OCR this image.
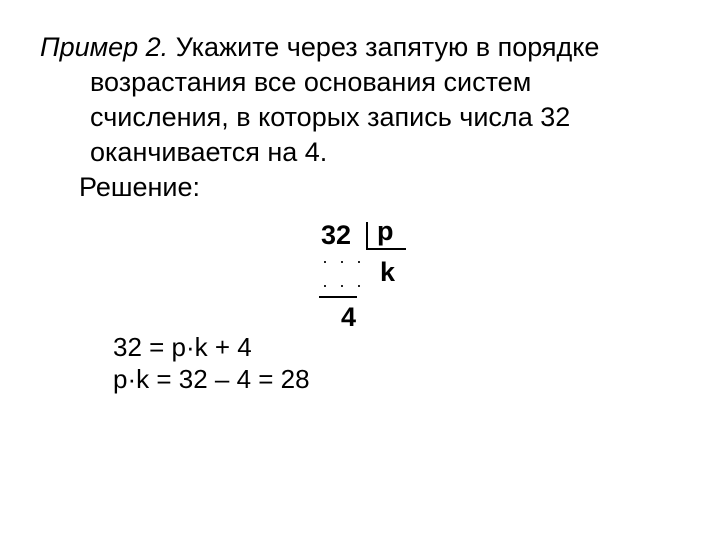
Пример 2. Укажите через запятую в порядке
возрастания все основания систем
счисления, в которых запись числа 32
оканчивается на 4.
Решение:
32 p
· · · k
· · ·
4
32 = p·k + 4
p·k = 32 – 4 = 28
